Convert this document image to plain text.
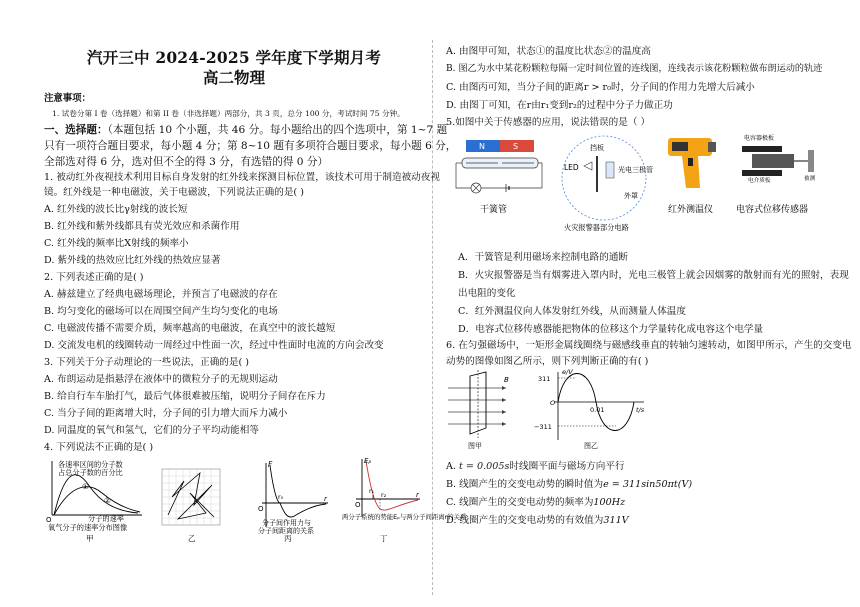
汽开三中 2024-2025 学年度下学期月考
高二物理
注意事项：
1. 试卷分第 I 卷（选择题）和第 II 卷（非选择题）两部分，共 3 页，总分 100 分，考试时间 75 分钟。
一、选择题：（本题包括 10 个小题，共 46 分。每小题给出的四个选项中，第 1~7 题
只有一项符合题目要求，每小题 4 分；第 8~10 题有多项符合题目要求，每小题 6 分，
全部选对得 6 分，选对但不全的得 3 分，有选错的得 0 分）
1. 被动红外夜视技术利用目标自身发射的红外线来探测目标位置，该技术可用于制造被动夜视
镜。红外线是一种电磁波，关于电磁波，下列说法正确的是( )
A. 红外线的波长比γ射线的波长短
B. 红外线和紫外线都具有荧光效应和杀菌作用
C. 红外线的频率比X射线的频率小
D. 紫外线的热效应比红外线的热效应显著
2. 下列表述正确的是( )
A. 赫兹建立了经典电磁场理论，并预言了电磁波的存在
B. 均匀变化的磁场可以在周围空间产生均匀变化的电场
C. 电磁波传播不需要介质，频率越高的电磁波，在真空中的波长越短
D. 交流发电机的线圈转动一周经过中性面一次，经过中性面时电流的方向会改变
3. 下列关于分子动理论的一些说法，正确的是( )
A. 布朗运动是指悬浮在液体中的微粒分子的无规则运动
B. 给自行车车胎打气，最后气体很难被压缩，说明分子间存在斥力
C. 当分子间的距离增大时，分子间的引力增大而斥力减小
D. 同温度的氧气和氢气，它们的分子平均动能相等
4. 下列说法不正确的是( )
各速率区间的分子数
占总分子数的百分比
①
②
O	分子的速率
氧气分子的速率分布图像
甲	乙
F
r₀	r
O
分子间作用力与
分子间距离的关系
丙
Eₚ
r₁
r₂	r
O
两分子系统的势能Eₚ与两分子间距离r的关系
丁
A. 由图甲可知，状态①的温度比状态②的温度高
B. 图乙为水中某花粉颗粒每隔一定时间位置的连线图，连线表示该花粉颗粒做布朗运动的轨迹
C. 由图丙可知，当分子间的距离r > r₀时，分子间的作用力先增大后减小
D. 由图丁可知，在r由r₁变到r₂的过程中分子力做正功
5.如图中关于传感器的应用，说法错误的是（ ）
N	S
干簧管
LED
挡板
光电三极管
外罩
火灾报警器部分电路
红外测温仪
电容器极板
被测
电介质板
电容式位移传感器
A．干簧管是利用磁场来控制电路的通断
B．火灾报警器是当有烟雾进入罩内时，光电三极管上就会因烟雾的散射而有光的照射，表现
出电阻的变化
C．红外测温仪向人体发射红外线，从而测量人体温度
D．电容式位移传感器能把物体的位移这个力学量转化成电容这个电学量
6. 在匀强磁场中，一矩形金属线圈绕与磁感线垂直的转轴匀速转动，如图甲所示，产生的交变电
动势的图像如图乙所示，则下列判断正确的有( )
B
图甲
e/V
311
−311
O
0.01	t/s
图乙
A. t = 0.005s时线圈平面与磁场方向平行
B. 线圈产生的交变电动势的瞬时值为e = 311sin50πt(V)
C. 线圈产生的交变电动势的频率为100Hz
D. 线圈产生的交变电动势的有效值为311V
